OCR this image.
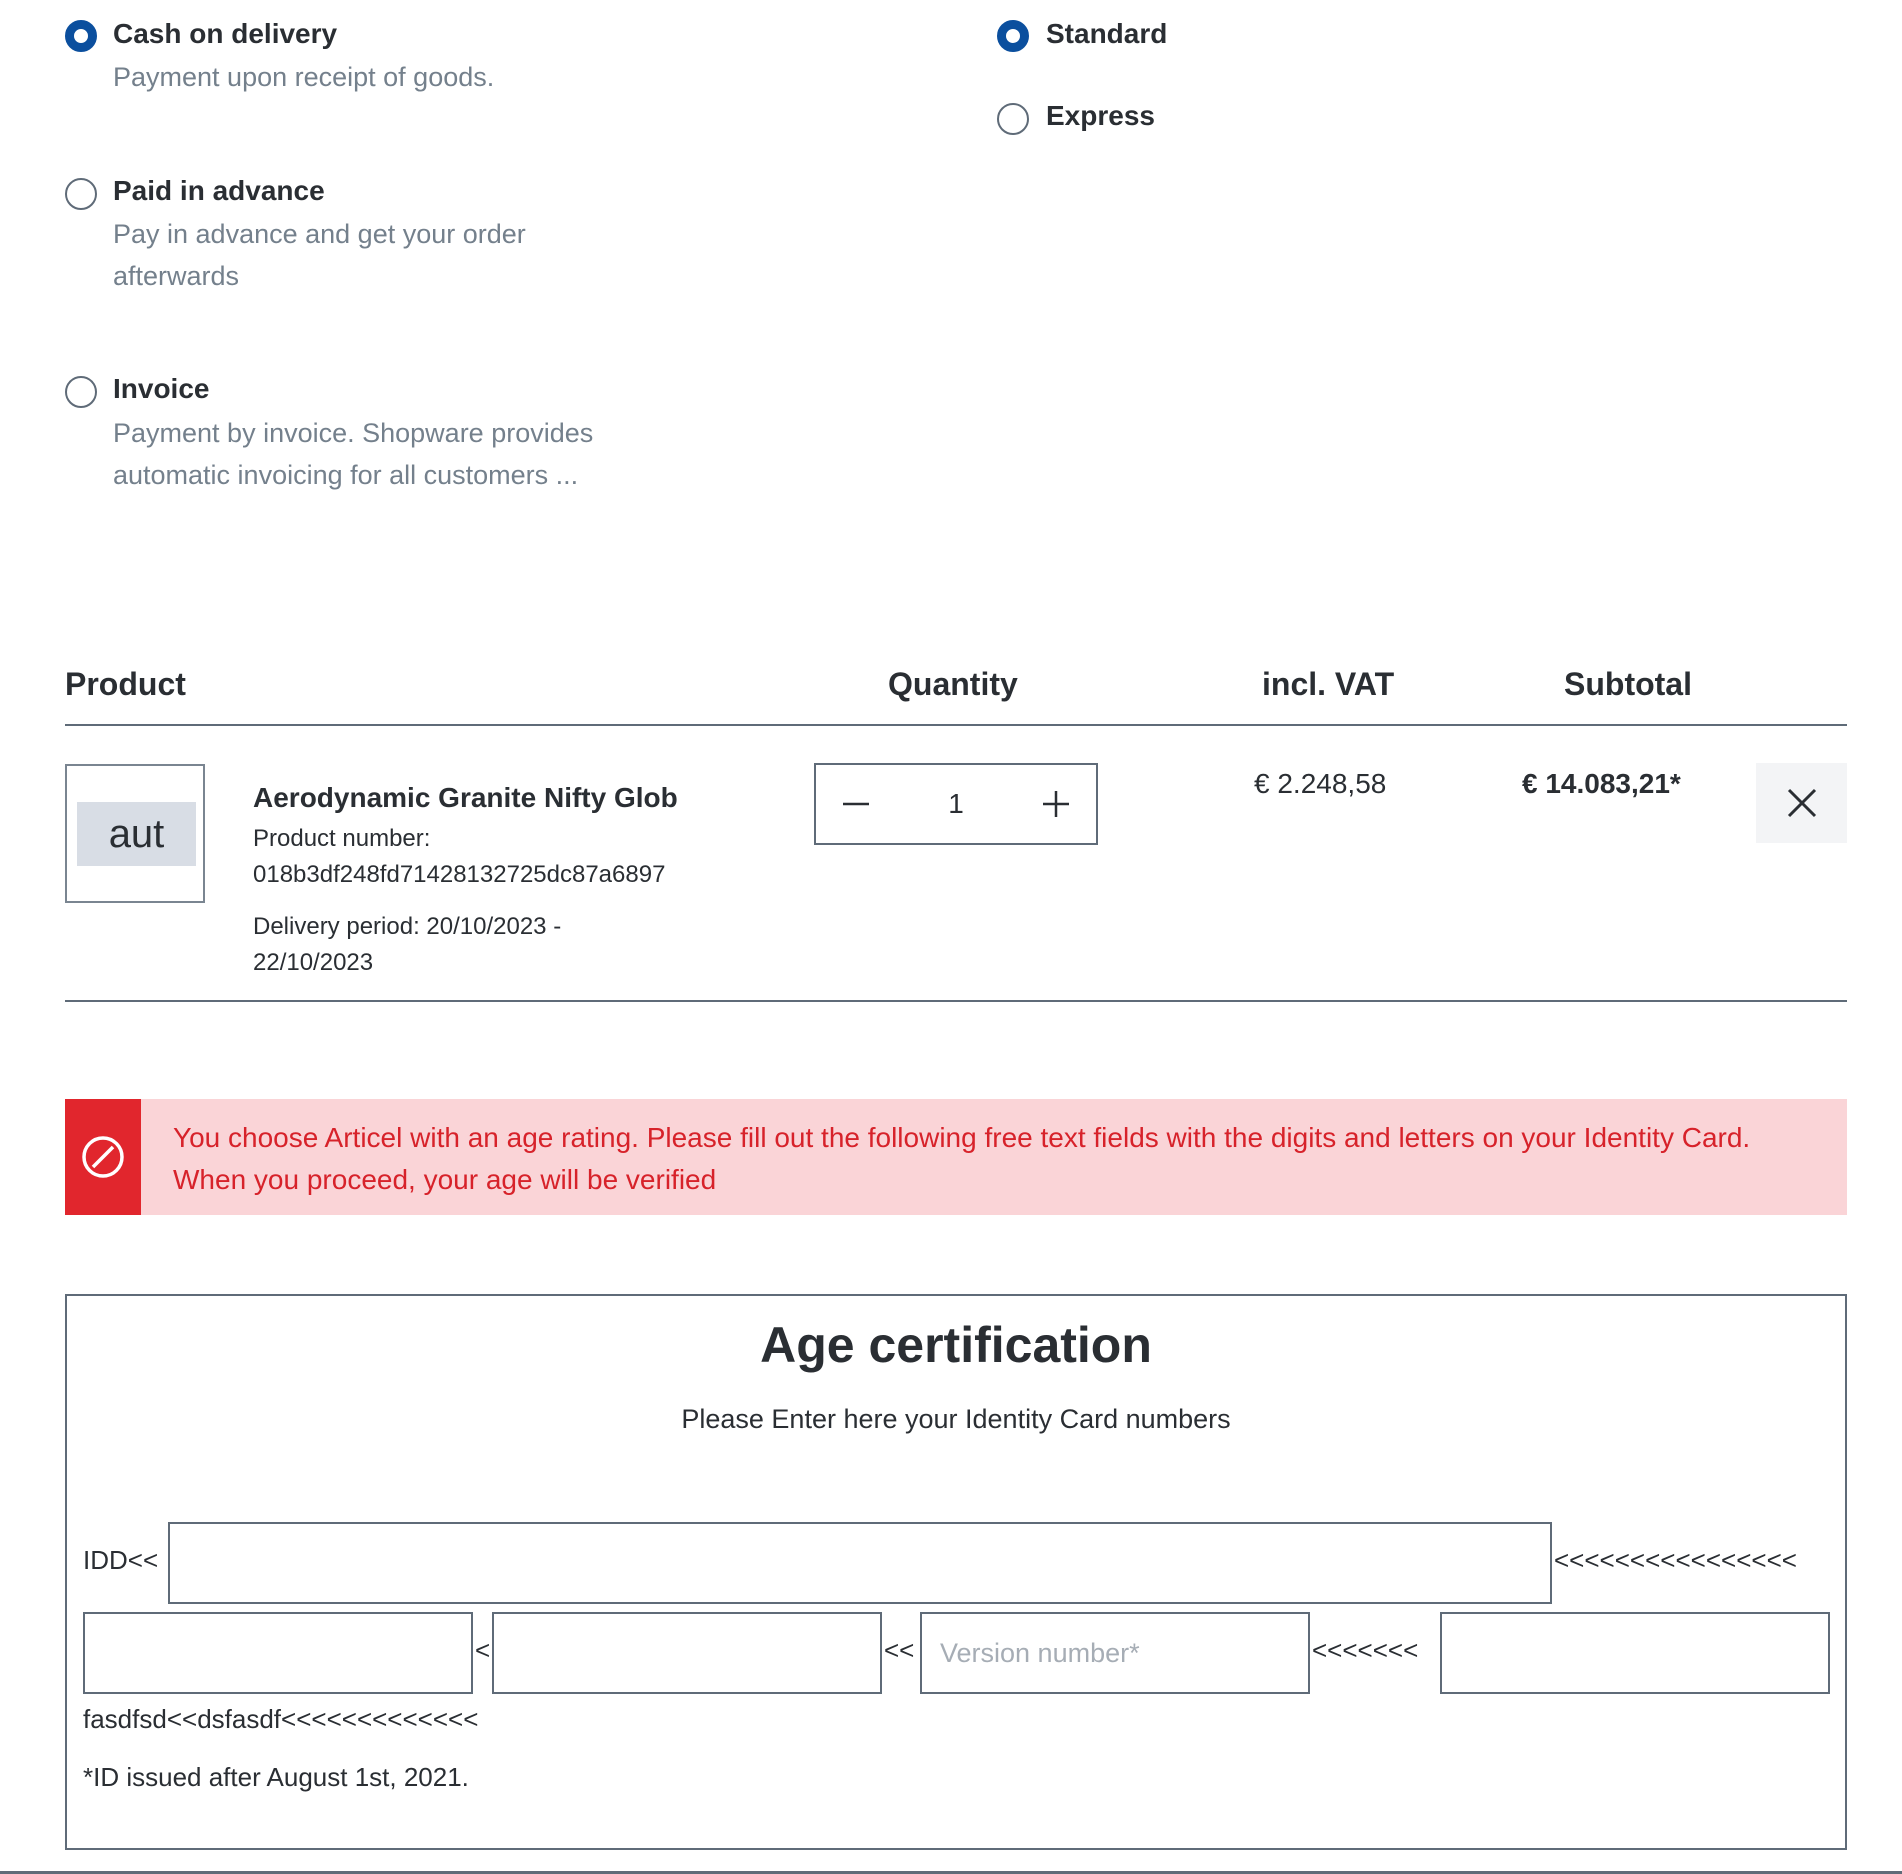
Cash on delivery
Payment upon receipt of goods.
Paid in advance
Pay in advance and get your order afterwards
Invoice
Payment by invoice. Shopware provides automatic invoicing for all customers ...
Standard
Express
Product	Quantity	incl. VAT	Subtotal
aut
Aerodynamic Granite Nifty Glob
Product number:
018b3df248fd71428132725dc87a6897
Delivery period: 20/10/2023 -
22/10/2023
1
€ 2.248,58	€ 14.083,21*
You choose Articel with an age rating. Please fill out the following free text fields with the digits and letters on your Identity Card. When you proceed, your age will be verified
Age certification
Please Enter here your Identity Card numbers
IDD<<	<<<<<<<<<<<<<<<<
<	<<
Version number*	<<<<<<<
fasdfsd<<dsfasdf<<<<<<<<<<<<<
*ID issued after August 1st, 2021.
